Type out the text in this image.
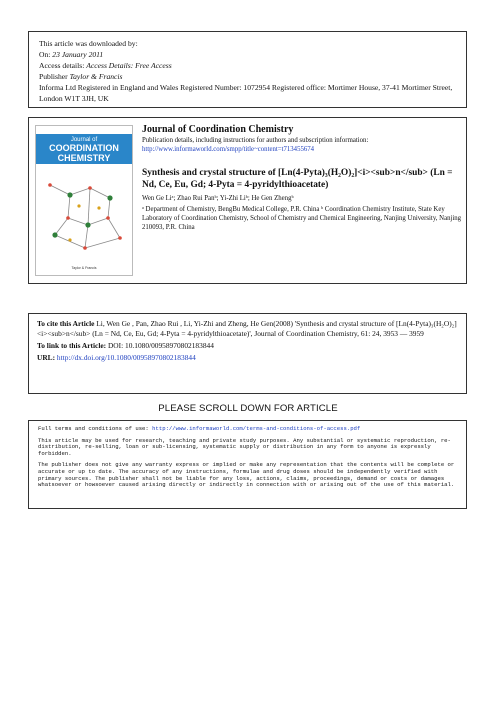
This article was downloaded by:
On: 23 January 2011
Access details: Access Details: Free Access
Publisher Taylor & Francis
Informa Ltd Registered in England and Wales Registered Number: 1072954 Registered office: Mortimer House, 37-41 Mortimer Street, London W1T 3JH, UK
Journal of
COORDINATION
CHEMISTRY
Taylor & Francis

Journal of Coordination Chemistry

Publication details, including instructions for authors and subscription information:

http://www.informaworld.com/smpp/title~content=t713455674

Synthesis and crystal structure of [Ln(4-Pyta)₃(H₂O)₂]<i><sub>n</sub> (Ln = Nd, Ce, Eu, Gd; 4-Pyta = 4-pyridylthioacetate)

Wen Ge Liᵃ; Zhao Rui Panᵇ; Yi-Zhi Liᵇ; He Gen Zhengᵇ

ᵃ Department of Chemistry, BengBu Medical College, P.R. China ᵇ Coordination Chemistry Institute, State Key Laboratory of Coordination Chemistry, School of Chemistry and Chemical Engineering, Nanjing University, Nanjing 210093, P.R. China

To cite this Article Li, Wen Ge , Pan, Zhao Rui , Li, Yi-Zhi and Zheng, He Gen(2008) 'Synthesis and crystal structure of [Ln(4-Pyta)₃(H₂O)₂]<i><sub>n</sub> (Ln = Nd, Ce, Eu, Gd; 4-Pyta = 4-pyridylthioacetate)', Journal of Coordination Chemistry, 61: 24, 3953 — 3959
To link to this Article: DOI: 10.1080/00958970802183844
URL: http://dx.doi.org/10.1080/00958970802183844
PLEASE SCROLL DOWN FOR ARTICLE

Full terms and conditions of use: http://www.informaworld.com/terms-and-conditions-of-access.pdf

This article may be used for research, teaching and private study purposes. Any substantial or systematic reproduction, re-distribution, re-selling, loan or sub-licensing, systematic supply or distribution in any form to anyone is expressly forbidden.

The publisher does not give any warranty express or implied or make any representation that the contents will be complete or accurate or up to date. The accuracy of any instructions, formulae and drug doses should be independently verified with primary sources. The publisher shall not be liable for any loss, actions, claims, proceedings, demand or costs or damages whatsoever or howsoever caused arising directly or indirectly in connection with or arising out of the use of this material.
